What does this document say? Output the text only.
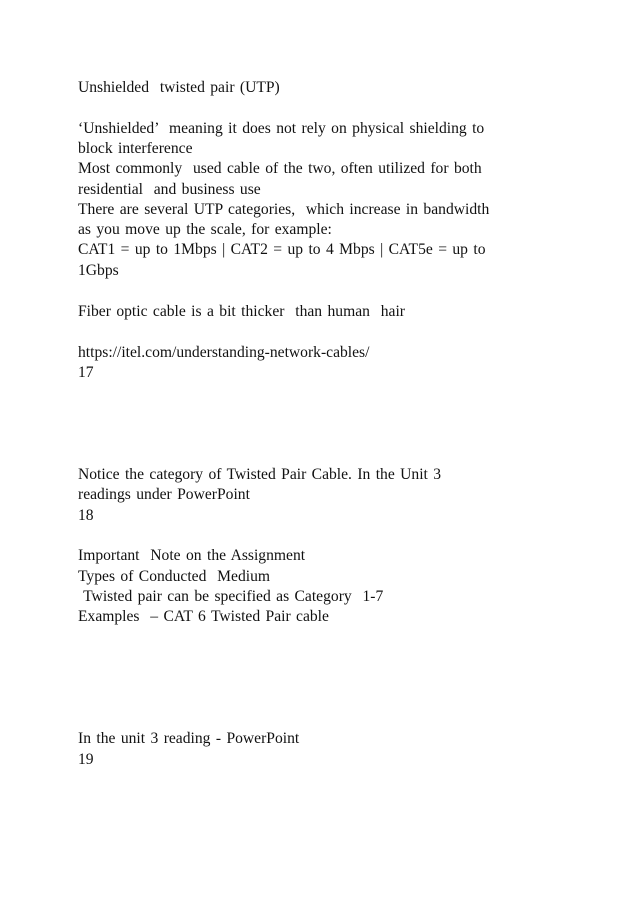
Unshielded  twisted pair (UTP)

‘Unshielded’  meaning it does not rely on physical shielding to

block interference

Most commonly  used cable of the two, often utilized for both

residential  and business use

There are several UTP categories,  which increase in bandwidth

as you move up the scale, for example:

CAT1 = up to 1Mbps | CAT2 = up to 4 Mbps | CAT5e = up to

1Gbps

Fiber optic cable is a bit thicker  than human  hair

https://itel.com/understanding-network-cables/

17

Notice the category of Twisted Pair Cable. In the Unit 3

readings under PowerPoint

18

Important  Note on the Assignment

Types of Conducted  Medium

Twisted pair can be specified as Category  1-7

Examples  – CAT 6 Twisted Pair cable

In the unit 3 reading - PowerPoint

19
